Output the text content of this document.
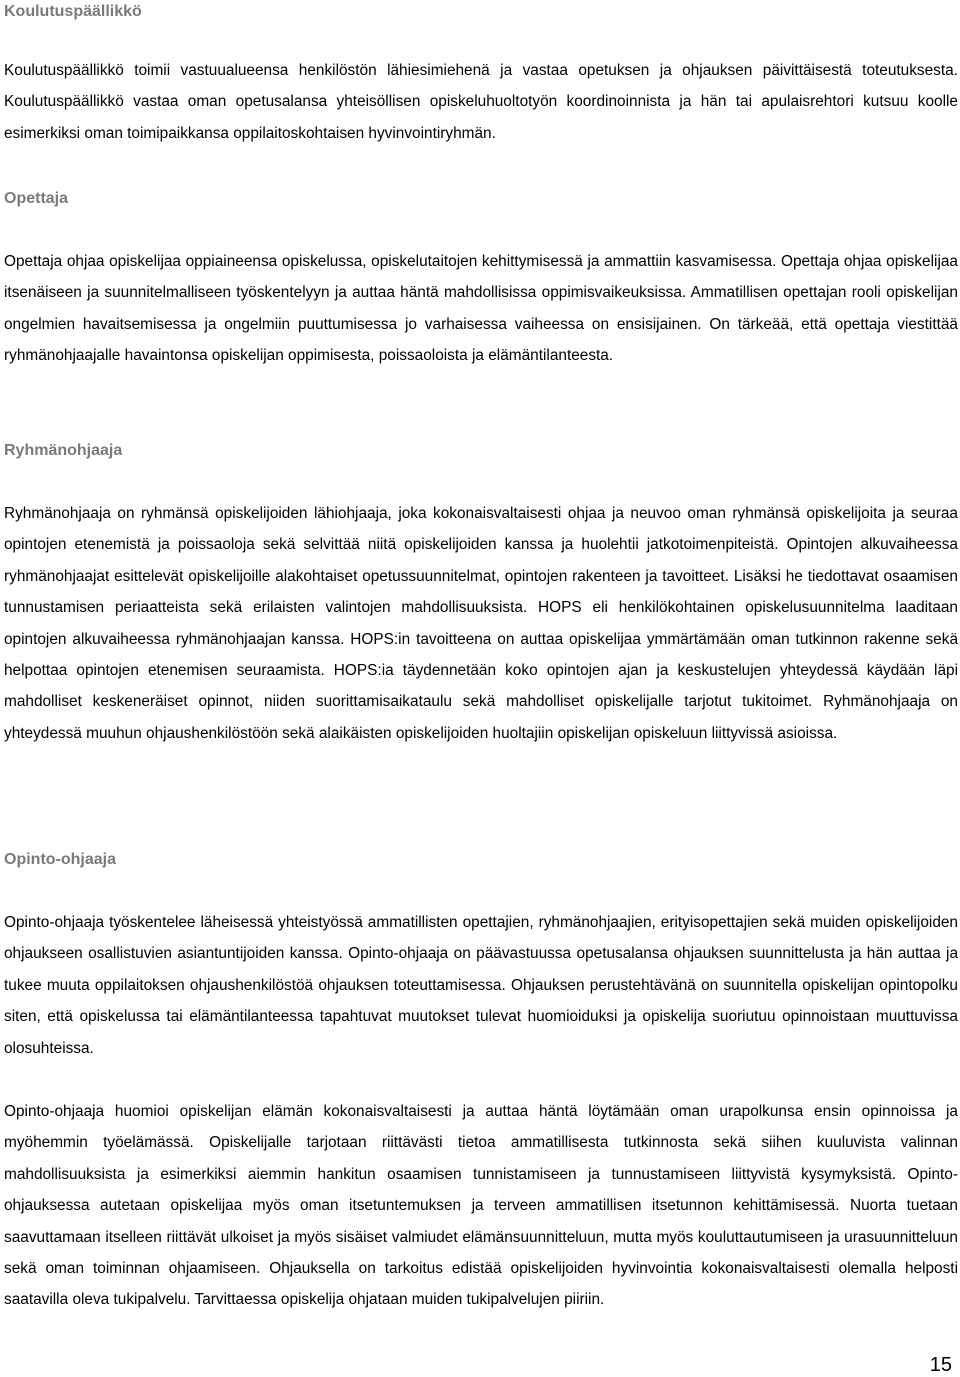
Koulutuspäällikkö

Koulutuspäällikkö toimii vastuualueensa henkilöstön lähiesimiehenä ja vastaa opetuksen ja ohjauksen päivittäisestä toteutuksesta. Koulutuspäällikkö vastaa oman opetusalansa yhteisöllisen opiskeluhuoltotyön koordinoinnista ja hän tai apulaisrehtori kutsuu koolle esimerkiksi oman toimipaikkansa oppilaitoskohtaisen hyvinvointiryhmän.

Opettaja

Opettaja ohjaa opiskelijaa oppiaineensa opiskelussa, opiskelutaitojen kehittymisessä ja ammattiin kasvamisessa. Opettaja ohjaa opiskelijaa itsenäiseen ja suunnitelmalliseen työskentelyyn ja auttaa häntä mahdollisissa oppimisvaikeuksissa. Ammatillisen opettajan rooli opiskelijan ongelmien havaitsemisessa ja ongelmiin puuttumisessa jo varhaisessa vaiheessa on ensisijainen. On tärkeää, että opettaja viestittää ryhmänohjaajalle havaintonsa opiskelijan oppimisesta, poissaoloista ja elämäntilanteesta.

Ryhmänohjaaja

Ryhmänohjaaja on ryhmänsä opiskelijoiden lähiohjaaja, joka kokonaisvaltaisesti ohjaa ja neuvoo oman ryhmänsä opiskelijoita ja seuraa opintojen etenemistä ja poissaoloja sekä selvittää niitä opiskelijoiden kanssa ja huolehtii jatkotoimenpiteistä. Opintojen alkuvaiheessa ryhmänohjaajat esittelevät opiskelijoille alakohtaiset opetussuunnitelmat, opintojen rakenteen ja tavoitteet. Lisäksi he tiedottavat osaamisen tunnustamisen periaatteista sekä erilaisten valintojen mahdollisuuksista. HOPS eli henkilökohtainen opiskelusuunnitelma laaditaan opintojen alkuvaiheessa ryhmänohjaajan kanssa. HOPS:in tavoitteena on auttaa opiskelijaa ymmärtämään oman tutkinnon rakenne sekä helpottaa opintojen etenemisen seuraamista. HOPS:ia täydennetään koko opintojen ajan ja keskustelujen yhteydessä käydään läpi mahdolliset keskeneräiset opinnot, niiden suorittamisaikataulu sekä mahdolliset opiskelijalle tarjotut tukitoimet. Ryhmänohjaaja on yhteydessä muuhun ohjaushenkilöstöön sekä alaikäisten opiskelijoiden huoltajiin opiskelijan opiskeluun liittyvissä asioissa.

Opinto-ohjaaja

Opinto-ohjaaja työskentelee läheisessä yhteistyössä ammatillisten opettajien, ryhmänohjaajien, erityisopettajien sekä muiden opiskelijoiden ohjaukseen osallistuvien asiantuntijoiden kanssa. Opinto-ohjaaja on päävastuussa opetusalansa ohjauksen suunnittelusta ja hän auttaa ja tukee muuta oppilaitoksen ohjaushenkilöstöä ohjauksen toteuttamisessa. Ohjauksen perustehtävänä on suunnitella opiskelijan opintopolku siten, että opiskelussa tai elämäntilanteessa tapahtuvat muutokset tulevat huomioiduksi ja opiskelija suoriutuu opinnoistaan muuttuvissa olosuhteissa.

Opinto-ohjaaja huomioi opiskelijan elämän kokonaisvaltaisesti ja auttaa häntä löytämään oman urapolkunsa ensin opinnoissa ja myöhemmin työelämässä. Opiskelijalle tarjotaan riittävästi tietoa ammatillisesta tutkinnosta sekä siihen kuuluvista valinnan mahdollisuuksista ja esimerkiksi aiemmin hankitun osaamisen tunnistamiseen ja tunnustamiseen liittyvistä kysymyksistä. Opinto-ohjauksessa autetaan opiskelijaa myös oman itsetuntemuksen ja terveen ammatillisen itsetunnon kehittämisessä. Nuorta tuetaan saavuttamaan itselleen riittävät ulkoiset ja myös sisäiset valmiudet elämänsuunnitteluun, mutta myös kouluttautumiseen ja urasuunnitteluun sekä oman toiminnan ohjaamiseen. Ohjauksella on tarkoitus edistää opiskelijoiden hyvinvointia kokonaisvaltaisesti olemalla helposti saatavilla oleva tukipalvelu. Tarvittaessa opiskelija ohjataan muiden tukipalvelujen piiriin.

15
